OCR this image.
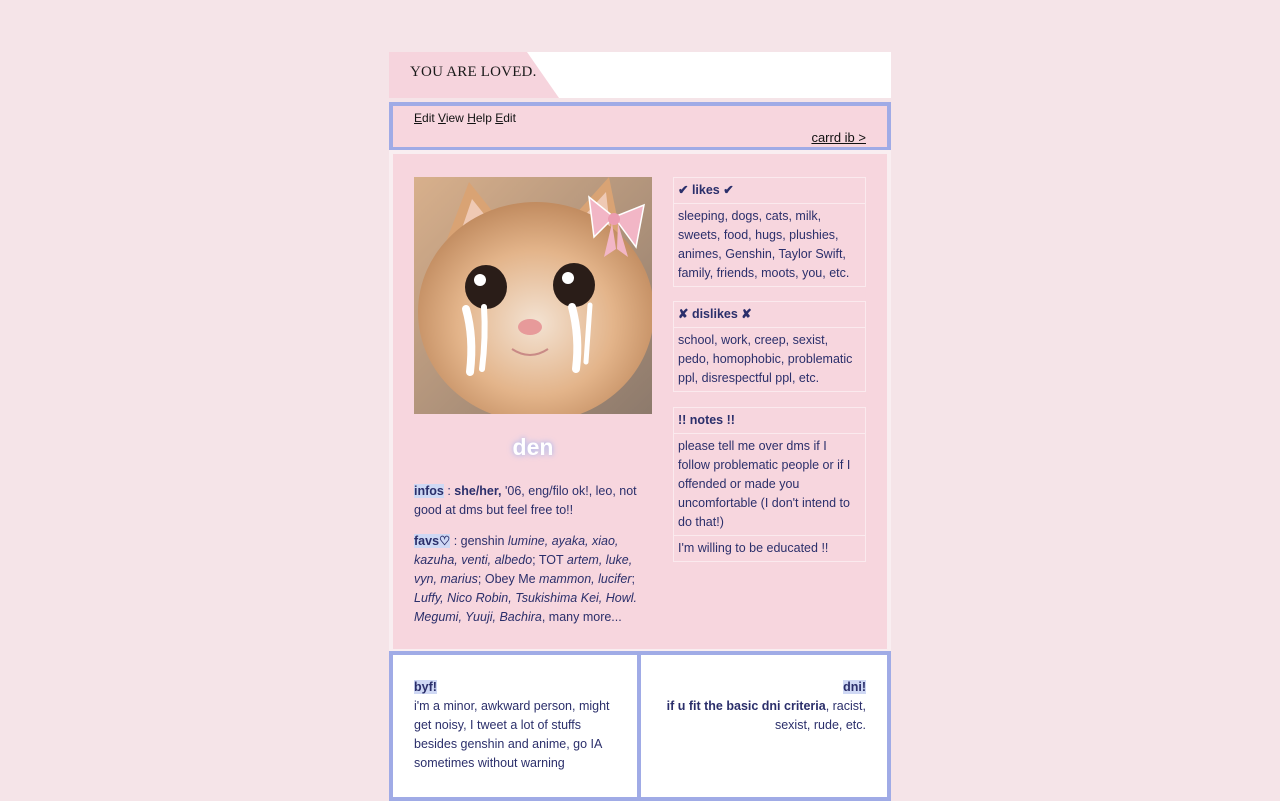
YOU ARE LOVED.
Edit View Help Edit
carrd ib >
den
infos : she/her, '06, eng/filo ok!, leo, not good at dms but feel free to!!
favs♡ : genshin lumine, ayaka, xiao, kazuha, venti, albedo; TOT artem, luke, vyn, marius; Obey Me mammon, lucifer; Luffy, Nico Robin, Tsukishima Kei, Howl. Megumi, Yuuji, Bachira, many more...
✔ likes ✔
sleeping, dogs, cats, milk, sweets, food, hugs, plushies, animes, Genshin, Taylor Swift, family, friends, moots, you, etc.
✘ dislikes ✘
school, work, creep, sexist, pedo, homophobic, problematic ppl, disrespectful ppl, etc.
!! notes !!
please tell me over dms if I follow problematic people or if I offended or made you uncomfortable (I don't intend to do that!)
I'm willing to be educated !!
byf!
i'm a minor, awkward person, might get noisy, I tweet a lot of stuffs besides genshin and anime, go IA sometimes without warning
dni!
if u fit the basic dni criteria, racist, sexist, rude, etc.
